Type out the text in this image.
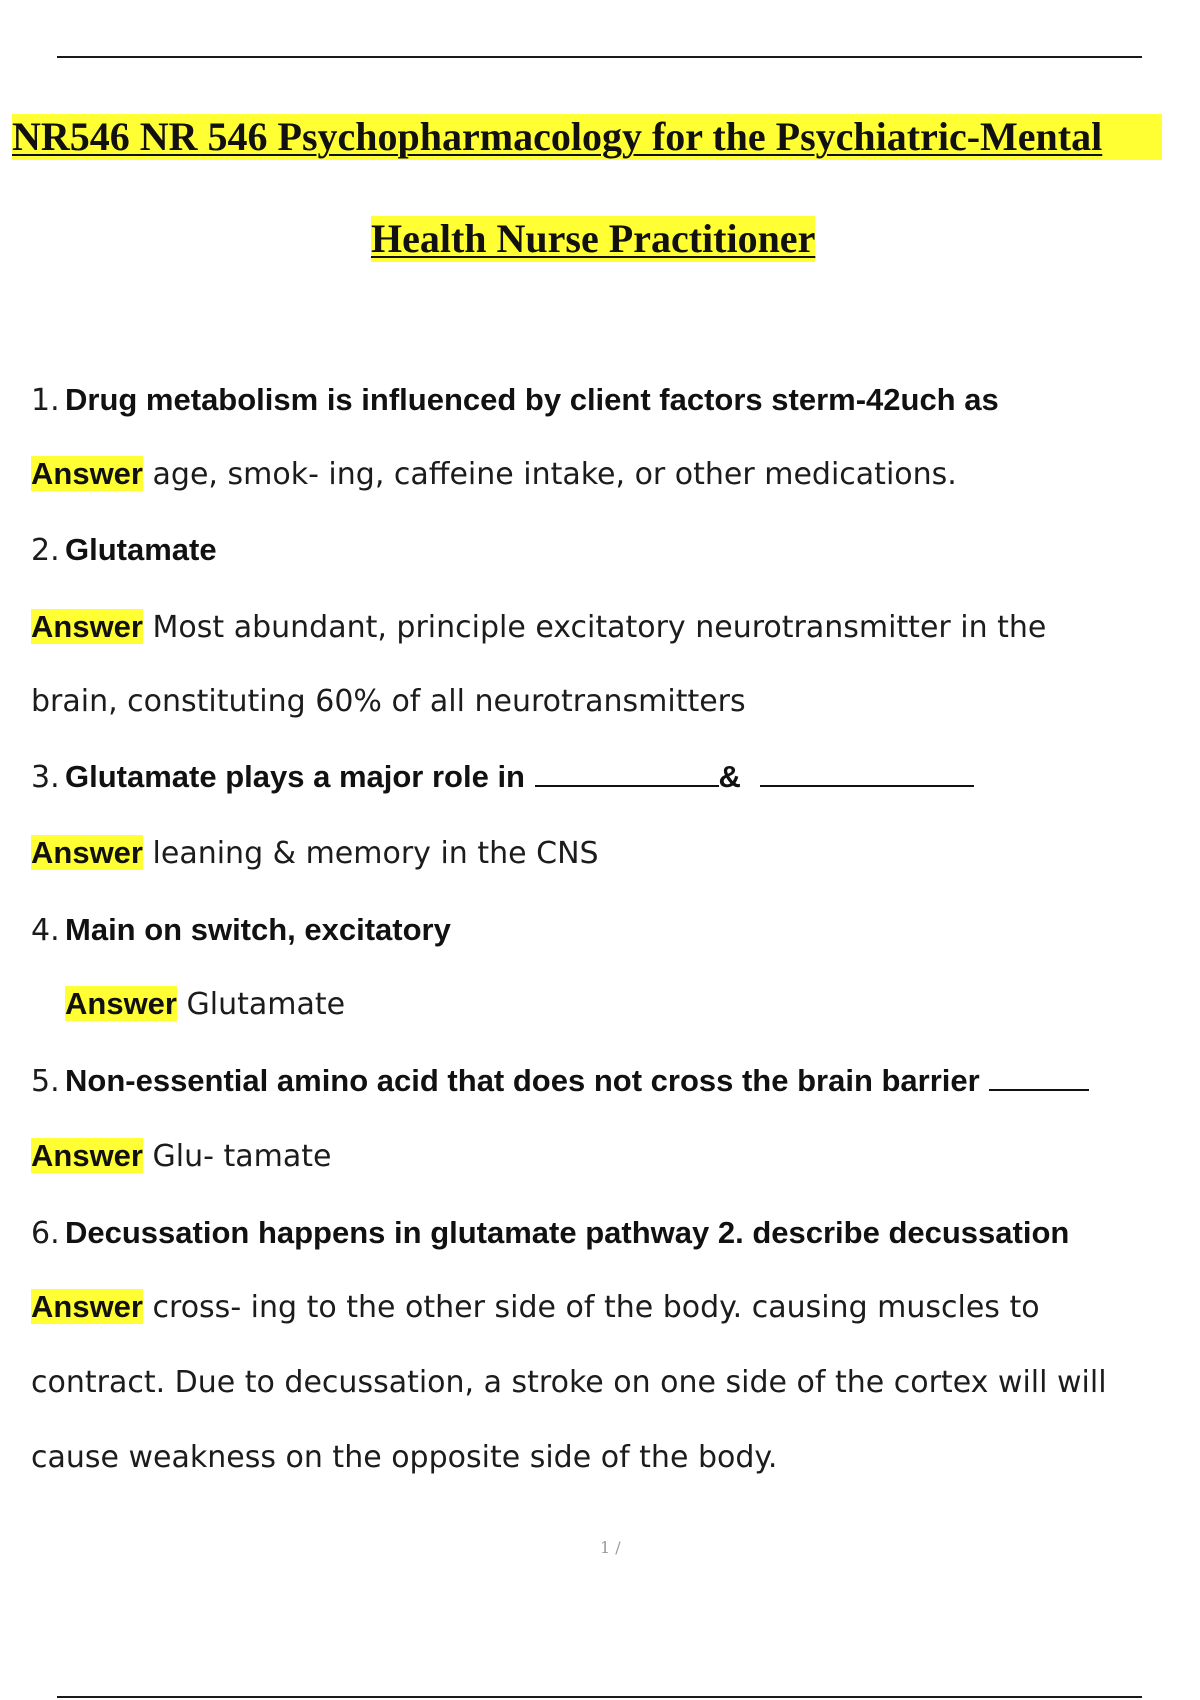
NR546 NR 546 Psychopharmacology for the Psychiatric-Mental
Health Nurse Practitioner
1. Drug metabolism is influenced by client factors sterm-42uch as
Answer age, smok- ing, caffeine intake, or other medications.
2. Glutamate
Answer Most abundant, principle excitatory neurotransmitter in the
brain, constituting 60% of all neurotransmitters
3. Glutamate plays a major role in	&
Answer leaning & memory in the CNS
4. Main on switch, excitatory
Answer Glutamate
5. Non-essential amino acid that does not cross the brain barrier
Answer Glu- tamate
6. Decussation happens in glutamate pathway 2. describe decussation
Answer cross- ing to the other side of the body. causing muscles to
contract. Due to decussation, a stroke on one side of the cortex will will
cause weakness on the opposite side of the body.
1 /
